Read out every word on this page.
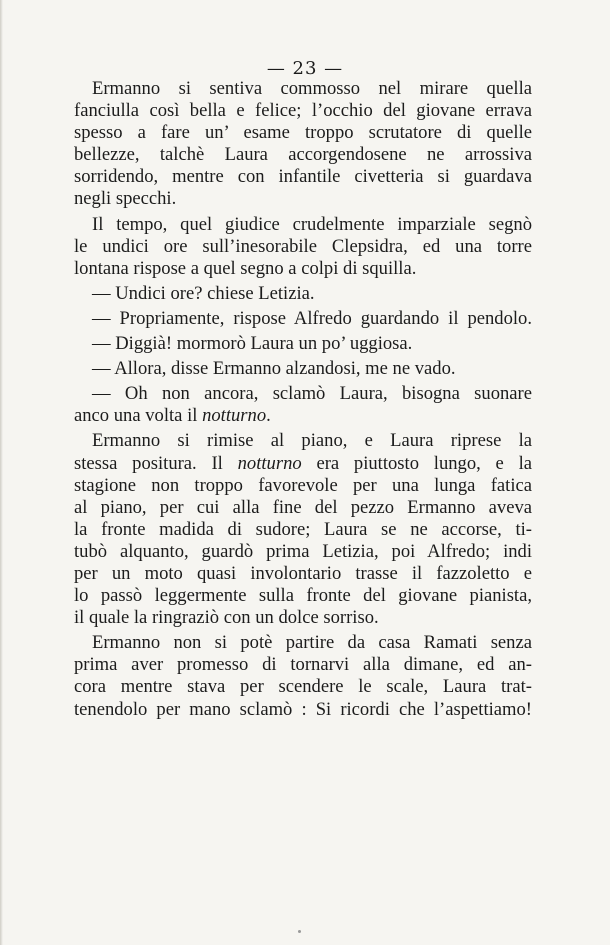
— 23 —
Ermanno si sentiva commosso nel mirare quella
fanciulla così bella e felice; l’occhio del giovane errava
spesso a fare un’ esame troppo scrutatore di quelle
bellezze, talchè Laura accorgendosene ne arrossiva
sorridendo, mentre con infantile civetteria si guardava
negli specchi.
Il tempo, quel giudice crudelmente imparziale segnò
le undici ore sull’inesorabile Clepsidra, ed una torre
lontana rispose a quel segno a colpi di squilla.
— Undici ore? chiese Letizia.
— Propriamente, rispose Alfredo guardando il pendolo.
— Diggià! mormorò Laura un po’ uggiosa.
— Allora, disse Ermanno alzandosi, me ne vado.
— Oh non ancora, sclamò Laura, bisogna suonare
anco una volta il notturno.
Ermanno si rimise al piano, e Laura riprese la
stessa positura. Il notturno era piuttosto lungo, e la
stagione non troppo favorevole per una lunga fatica
al piano, per cui alla fine del pezzo Ermanno aveva
la fronte madida di sudore; Laura se ne accorse, ti-
tubò alquanto, guardò prima Letizia, poi Alfredo; indi
per un moto quasi involontario trasse il fazzoletto e
lo passò leggermente sulla fronte del giovane pianista,
il quale la ringraziò con un dolce sorriso.
Ermanno non si potè partire da casa Ramati senza
prima aver promesso di tornarvi alla dimane, ed an-
cora mentre stava per scendere le scale, Laura trat-
tenendolo per mano sclamò : Si ricordi che l’aspettiamo!
